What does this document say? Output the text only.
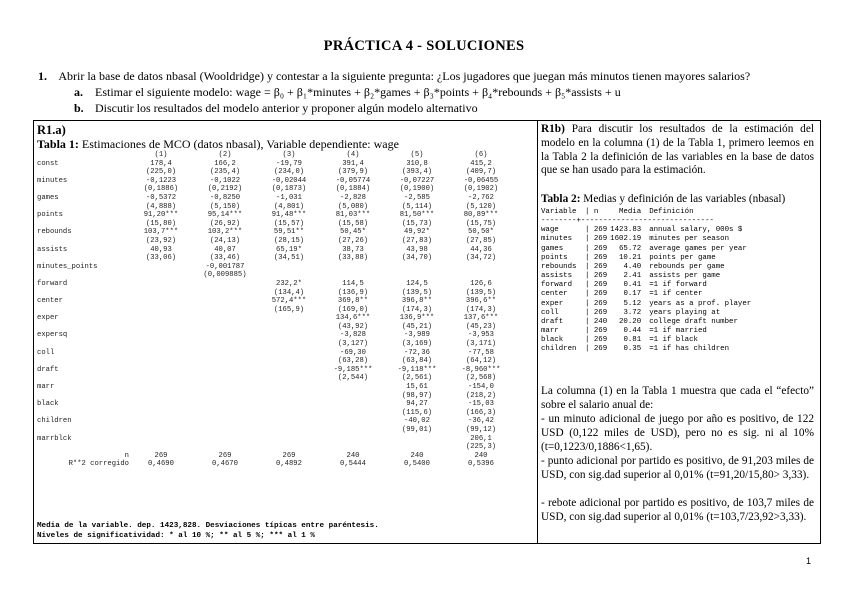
PRÁCTICA 4 - SOLUCIONES
1. Abrir la base de datos nbasal (Wooldridge) y contestar a la siguiente pregunta: ¿Los jugadores que juegan más minutos tienen mayores salarios?
a. Estimar el siguiente modelo: wage = β₀ + β₁*minutes + β₂*games + β₃*points + β₄*rebounds + β₅*assists + u
b. Discutir los resultados del modelo anterior y proponer algún modelo alternativo
R1.a)
Tabla 1: Estimaciones de MCO (datos nbasal), Variable dependiente: wage
	(1)	(2)	(3)	(4)	(5)	(6)
const	178,4	166,2	-19,79	391,4	310,8	415,2
	(225,0)	(235,4)	(234,0)	(379,9)	(393,4)	(409,7)
minutes	-0,1223	-0,1022	-0,02044	-0,05774	-0,07227	-0,06455
	(0,1886)	(0,2192)	(0,1873)	(0,1884)	(0,1900)	(0,1902)
games	-0,5372	-0,8250	-1,031	-2,828	-2,585	-2,762
	(4,888)	(5,150)	(4,801)	(5,080)	(5,114)	(5,120)
points	91,20***	95,14***	91,48***	81,03***	81,50***	80,89***
	(15,80)	(26,92)	(15,57)	(15,58)	(15,73)	(15,75)
rebounds	103,7***	103,2***	59,51**	50,45*	49,92*	50,50*
	(23,92)	(24,13)	(28,15)	(27,26)	(27,83)	(27,85)
assists	40,93	40,07	65,19*	38,73	43,98	44,36
	(33,06)	(33,46)	(34,51)	(33,88)	(34,70)	(34,72)
minutes_points		-0,001787				
		(0,009885)				
forward			232,2*	114,5	124,5	126,6
			(134,4)	(136,9)	(139,5)	(139,5)
center			572,4***	369,8**	396,8**	396,6**
			(165,9)	(169,0)	(174,3)	(174,3)
exper				134,6***	136,9***	137,6***
				(43,92)	(45,21)	(45,23)
expersq				-3,828	-3,989	-3,953
				(3,127)	(3,169)	(3,171)
coll				-69,30	-72,36	-77,58
				(63,28)	(63,84)	(64,12)
draft				-9,185***	-9,118***	-8,960***
				(2,544)	(2,561)	(2,568)
marr					15,61	-154,0
					(98,97)	(218,2)
black					94,27	-15,03
					(115,6)	(166,3)
children					-40,02	-36,42
					(99,01)	(99,12)
marrblck						206,1
						(225,3)
n	269	269	269	240	240	240
R**2 corregido	0,4690	0,4670	0,4892	0,5444	0,5400	0,5396
Media de la variable. dep. 1423,828. Desviaciones típicas entre paréntesis.
Niveles de significatividad: * al 10 %; ** al 5 %; *** al 1 %
R1b) Para discutir los resultados de la estimación del modelo en la columna (1) de la Tabla 1, primero leemos en la Tabla 2 la definición de las variables en la base de datos que se han usado para la estimación.
Tabla 2: Medias y definición de las variables (nbasal)
Variable	| n	Media	Definición
--------+------------------------------			
wage	| 269	1423.83	annual salary, 000s $
minutes	| 269	1602.19	minutes per season
games	| 269	65.72	average games per year
points	| 269	10.21	points per game
rebounds	| 269	4.40	rebounds per game
assists	| 269	2.41	assists per game
forward	| 269	0.41	=1 if forward
center	| 269	0.17	=1 if center
exper	| 269	5.12	years as a prof. player
coll	| 269	3.72	years playing at
draft	| 240	20.20	college draft number
marr	| 269	0.44	=1 if married
black	| 269	0.81	=1 if black
children	| 269	0.35	=1 if has children
La columna (1) en la Tabla 1 muestra que cada el “efecto” sobre el salario anual de:
- un minuto adicional de juego por año es positivo, de 122 USD (0,122 miles de USD), pero no es sig. ni al 10% (t=0,1223/0,1886<1,65).
- punto adicional por partido es positivo, de 91,203 miles de USD, con sig.dad superior al 0,01% (t=91,20/15,80> 3,33).
- rebote adicional por partido es positivo, de 103,7 miles de USD, con sig.dad superior al 0,01% (t=103,7/23,92>3,33).
1
